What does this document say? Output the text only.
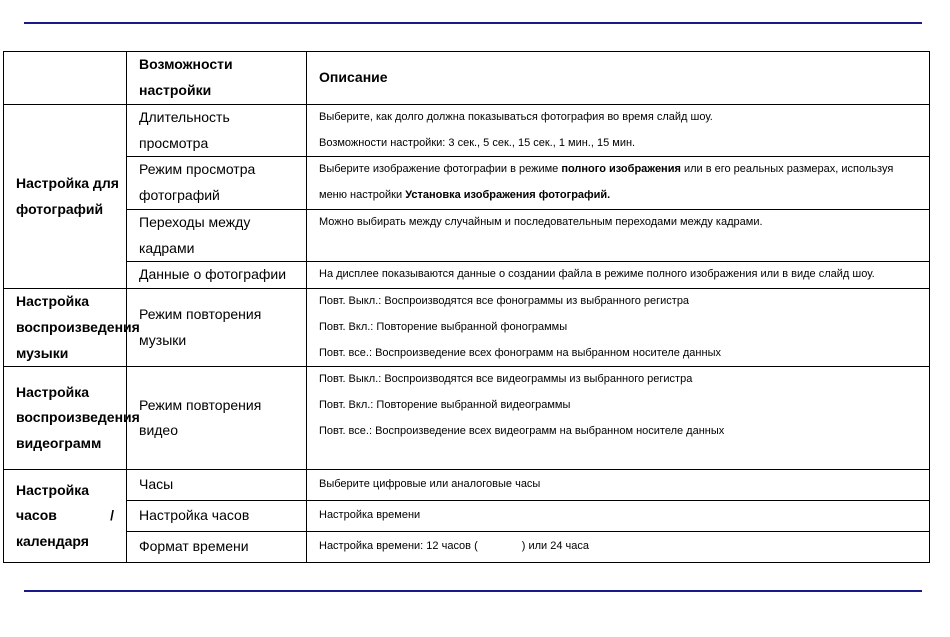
	Возможности настройки	Описание
Настройка для фотографий	Длительность просмотра	Выберите, как долго должна показываться фотография во время слайд шоу.
Возможности настройки: 3 сек., 5 сек., 15 сек., 1 мин., 15 мин.

	Режим просмотра фотографий	Выберите изображение фотографии в режиме полного изображения или в его реальных размерах, используя
меню настройки Установка изображения фотографий.

	Переходы между кадрами	Можно выбирать между случайным и последовательным переходами между кадрами.

	Данные о фотографии	На дисплее показываются данные о создании файла в режиме полного изображения или в виде слайд шоу.

Настройка воспроизведения музыки	Режим повторения музыки	Повт. Выкл.: Воспроизводятся все фонограммы из выбранного регистра
Повт. Вкл.: Повторение выбранной фонограммы
Повт. все.: Воспроизведение всех фонограмм на выбранном носителе данных

Настройка воспроизведения видеограмм	Режим повторения видео	Повт. Выкл.: Воспроизводятся все видеограммы из выбранного регистра
Повт. Вкл.: Повторение выбранной видеограммы
Повт. все.: Воспроизведение всех видеограмм на выбранном носителе данных

Настройка
часов /
календаря	Часы	Выберите цифровые или аналоговые часы

	Настройка часов	Настройка времени

	Формат времени	Настройка времени: 12 часов ( ) или 24 часа
